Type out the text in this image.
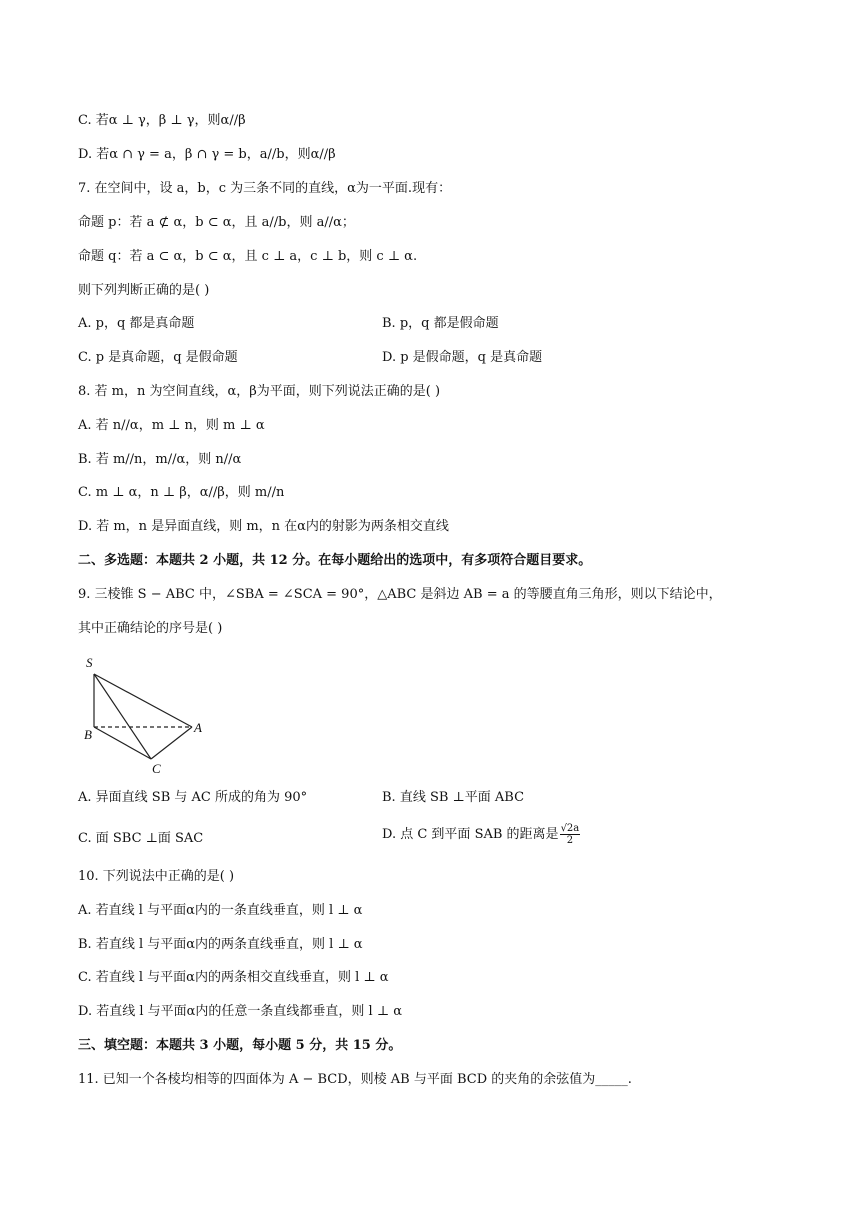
C. 若α ⊥ γ，β ⊥ γ，则α//β
D. 若α ∩ γ = a，β ∩ γ = b，a//b，则α//β
7. 在空间中，设 a，b，c 为三条不同的直线，α为一平面.现有：
命题 p：若 a ⊄ α，b ⊂ α，且 a//b，则 a//α；
命题 q：若 a ⊂ α，b ⊂ α，且 c ⊥ a，c ⊥ b，则 c ⊥ α.
则下列判断正确的是( )
A. p，q 都是真命题	B. p，q 都是假命题
C. p 是真命题，q 是假命题	D. p 是假命题，q 是真命题
8. 若 m，n 为空间直线，α，β为平面，则下列说法正确的是( )
A. 若 n//α，m ⊥ n，则 m ⊥ α
B. 若 m//n，m//α，则 n//α
C. m ⊥ α，n ⊥ β，α//β，则 m//n
D. 若 m，n 是异面直线，则 m，n 在α内的射影为两条相交直线
二、多选题：本题共 2 小题，共 12 分。在每小题给出的选项中，有多项符合题目要求。
9. 三棱锥 S − ABC 中，∠SBA = ∠SCA = 90°，△ABC 是斜边 AB = a 的等腰直角三角形，则以下结论中，
其中正确结论的序号是( )
S
B	A
C
A. 异面直线 SB 与 AC 所成的角为 90°	B. 直线 SB ⊥平面 ABC
C. 面 SBC ⊥面 SAC	D. 点 C 到平面 SAB 的距离是 $\frac{√2a}{2}$
10. 下列说法中正确的是( )
A. 若直线 l 与平面α内的一条直线垂直，则 l ⊥ α
B. 若直线 l 与平面α内的两条直线垂直，则 l ⊥ α
C. 若直线 l 与平面α内的两条相交直线垂直，则 l ⊥ α
D. 若直线 l 与平面α内的任意一条直线都垂直，则 l ⊥ α
三、填空题：本题共 3 小题，每小题 5 分，共 15 分。
11. 已知一个各棱均相等的四面体为 A − BCD，则棱 AB 与平面 BCD 的夹角的余弦值为_____.
